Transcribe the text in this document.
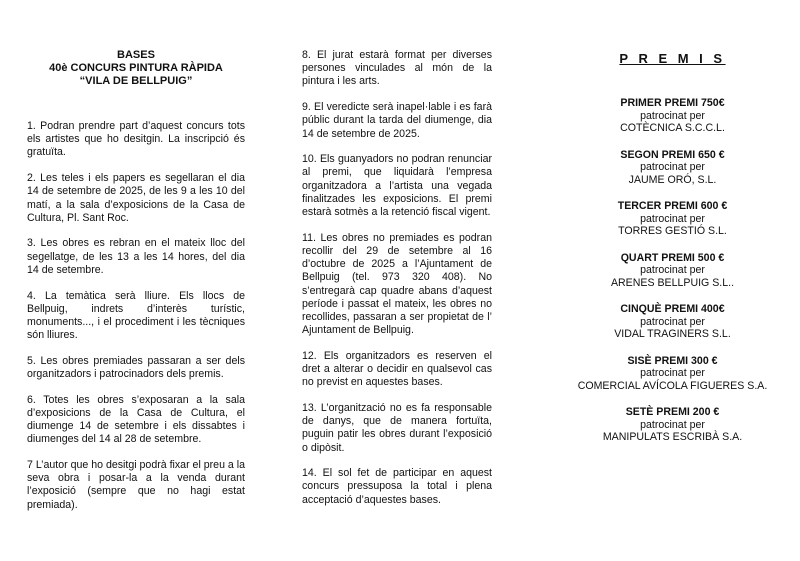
BASES
40è CONCURS PINTURA RÀPIDA
“VILA DE BELLPUIG”

1. Podran prendre part d’aquest concurs tots els artistes que ho desitgin. La inscripció és gratuïta.

2. Les teles i els papers es segellaran el dia 14 de setembre de 2025, de les 9 a les 10 del matí, a la sala d’exposicions de la Casa de Cultura, Pl. Sant Roc.

3. Les obres es rebran en el mateix lloc del segellatge, de les 13 a les 14 hores, del dia 14 de setembre.

4. La temàtica serà lliure. Els llocs de Bellpuig, indrets d’interès turístic, monuments..., i el procediment i les tècniques són lliures.

5. Les obres premiades passaran a ser dels organitzadors i patrocinadors dels premis.

6. Totes les obres s’exposaran a la sala d’exposicions de la Casa de Cultura, el diumenge 14 de setembre i els dissabtes i diumenges del 14 al 28 de setembre.

7 L’autor que ho desitgi podrà fixar el preu a la seva obra i posar-la a la venda durant l’exposició (sempre que no hagi estat premiada).

8. El jurat estarà format per diverses persones vinculades al món de la pintura i les arts.

9. El veredicte serà inapel·lable i es farà públic durant la tarda del diumenge, dia 14 de setembre de 2025.

10. Els guanyadors no podran renunciar al premi, que liquidarà l’empresa organitzadora a l’artista una vegada finalitzades les exposicions. El premi estarà sotmès a la retenció fiscal vigent.

11. Les obres no premiades es podran recollir del 29 de setembre al 16 d’octubre de 2025 a l’Ajuntament de Bellpuig (tel. 973 320 408). No s’entregarà cap quadre abans d’aquest període i passat el mateix, les obres no recollides, passaran a ser propietat de l’ Ajuntament de Bellpuig.

12. Els organitzadors es reserven el dret a alterar o decidir en qualsevol cas no previst en aquestes bases.

13. L’organització no es fa responsable de danys, que de manera fortuïta, puguin patir les obres durant l’exposició o dipòsit.

14. El sol fet de participar en aquest concurs pressuposa la total i plena acceptació d’aquestes bases.

P R E M I S
PRIMER PREMI 750€
patrocinat per
COTÈCNICA S.C.C.L.
SEGON PREMI 650 €
patrocinat per
JAUME ORÓ, S.L.
TERCER PREMI 600 €
patrocinat per
TORRES GESTIÓ S.L.
QUART PREMI 500 €
patrocinat per
ARENES BELLPUIG S.L..
CINQUÈ PREMI 400€
patrocinat per
VIDAL TRAGINERS S.L.
SISÈ PREMI 300 €
patrocinat per
COMERCIAL AVÍCOLA FIGUERES S.A.
SETÈ PREMI 200 €
patrocinat per
MANIPULATS ESCRIBÀ S.A.
